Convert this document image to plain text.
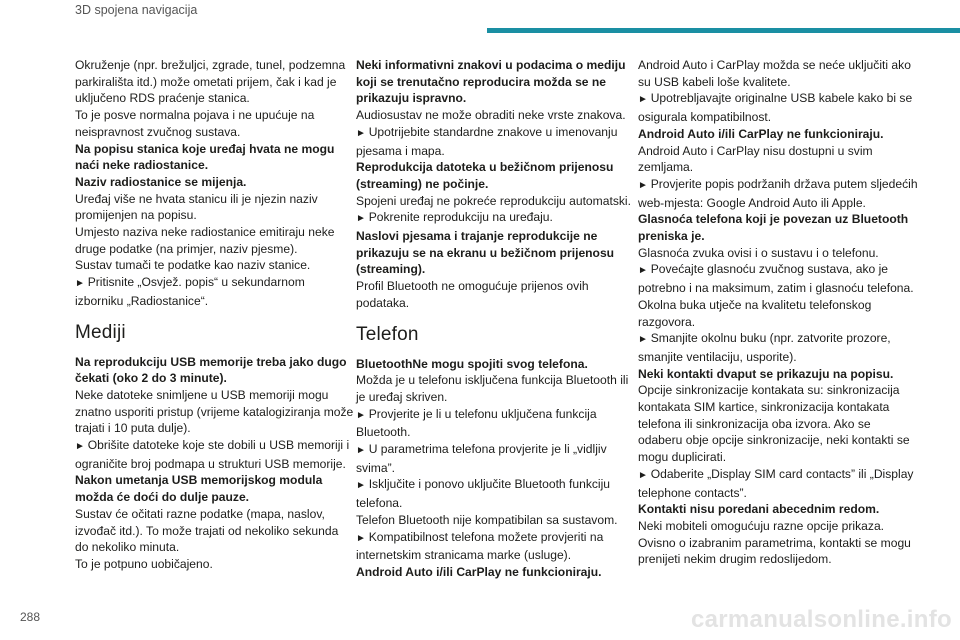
3D spojena navigacija

Okruženje (npr. brežuljci, zgrade, tunel, podzemna parkirališta itd.) može ometati prijem, čak i kad je uključeno RDS praćenje stanica.

To je posve normalna pojava i ne upućuje na neispravnost zvučnog sustava.

Na popisu stanica koje uređaj hvata ne mogu naći neke radiostanice.

Naziv radiostanice se mijenja.

Uređaj više ne hvata stanicu ili je njezin naziv promijenjen na popisu.

Umjesto naziva neke radiostanice emitiraju neke druge podatke (na primjer, naziv pjesme).

Sustav tumači te podatke kao naziv stanice.

► Pritisnite „Osvjež. popis“ u sekundarnom izborniku „Radiostanice“.

Mediji

Na reprodukciju USB memorije treba jako dugo čekati (oko 2 do 3 minute).

Neke datoteke snimljene u USB memoriji mogu znatno usporiti pristup (vrijeme katalogiziranja može trajati i 10 puta dulje).

► Obrišite datoteke koje ste dobili u USB memoriji i ograničite broj podmapa u strukturi USB memorije.

Nakon umetanja USB memorijskog modula možda će doći do dulje pauze.

Sustav će očitati razne podatke (mapa, naslov, izvođač itd.). To može trajati od nekoliko sekunda do nekoliko minuta.

To je potpuno uobičajeno.

Neki informativni znakovi u podacima o mediju koji se trenutačno reproducira možda se ne prikazuju ispravno.

Audiosustav ne može obraditi neke vrste znakova.

► Upotrijebite standardne znakove u imenovanju pjesama i mapa.

Reprodukcija datoteka u bežičnom prijenosu (streaming) ne počinje.

Spojeni uređaj ne pokreće reprodukciju automatski.

► Pokrenite reprodukciju na uređaju.

Naslovi pjesama i trajanje reprodukcije ne prikazuju se na ekranu u bežičnom prijenosu (streaming).

Profil Bluetooth ne omogućuje prijenos ovih podataka.

Telefon

BluetoothNe mogu spojiti svog telefona.

Možda je u telefonu isključena funkcija Bluetooth ili je uređaj skriven.

► Provjerite je li u telefonu uključena funkcija Bluetooth.

► U parametrima telefona provjerite je li „vidljiv svima”.

► Isključite i ponovo uključite Bluetooth funkciju telefona.

Telefon Bluetooth nije kompatibilan sa sustavom.

► Kompatibilnost telefona možete provjeriti na internetskim stranicama marke (usluge).

Android Auto i/ili CarPlay ne funkcioniraju.

Android Auto i CarPlay možda se neće uključiti ako su USB kabeli loše kvalitete.

► Upotrebljavajte originalne USB kabele kako bi se osigurala kompatibilnost.

Android Auto i/ili CarPlay ne funkcioniraju.

Android Auto i CarPlay nisu dostupni u svim zemljama.

► Provjerite popis podržanih država putem sljedećih web-mjesta: Google Android Auto ili Apple.

Glasnoća telefona koji je povezan uz Bluetooth preniska je.

Glasnoća zvuka ovisi i o sustavu i o telefonu.

► Povećajte glasnoću zvučnog sustava, ako je potrebno i na maksimum, zatim i glasnoću telefona.

Okolna buka utječe na kvalitetu telefonskog razgovora.

► Smanjite okolnu buku (npr. zatvorite prozore, smanjite ventilaciju, usporite).

Neki kontakti dvaput se prikazuju na popisu.

Opcije sinkronizacije kontakata su: sinkronizacija kontakata SIM kartice, sinkronizacija kontakata telefona ili sinkronizacija oba izvora. Ako se odaberu obje opcije sinkronizacije, neki kontakti se mogu duplicirati.

► Odaberite „Display SIM card contacts” ili „Display telephone contacts”.

Kontakti nisu poredani abecednim redom.

Neki mobiteli omogućuju razne opcije prikaza. Ovisno o izabranim parametrima, kontakti se mogu prenijeti nekim drugim redoslijedom.

288	carmanualsonline.info
